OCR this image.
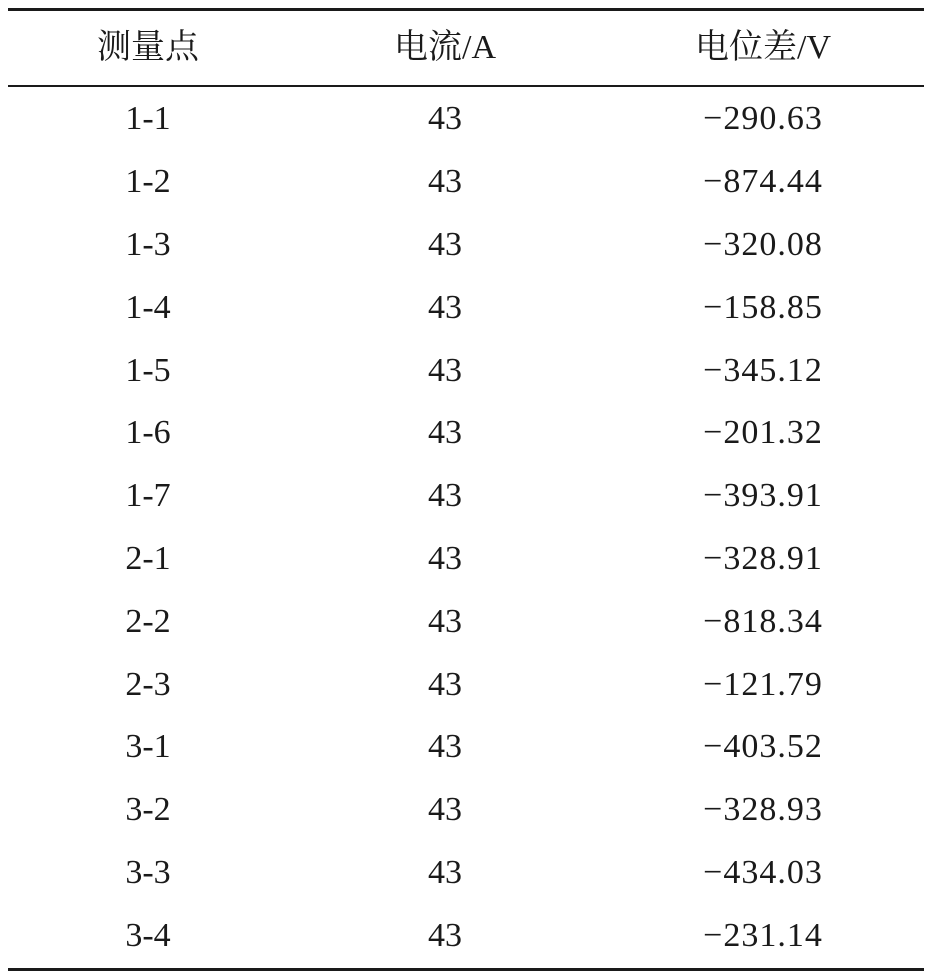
测量点	电流/A	电位差/V
1-1	43	−290.63
1-2	43	−874.44
1-3	43	−320.08
1-4	43	−158.85
1-5	43	−345.12
1-6	43	−201.32
1-7	43	−393.91
2-1	43	−328.91
2-2	43	−818.34
2-3	43	−121.79
3-1	43	−403.52
3-2	43	−328.93
3-3	43	−434.03
3-4	43	−231.14
